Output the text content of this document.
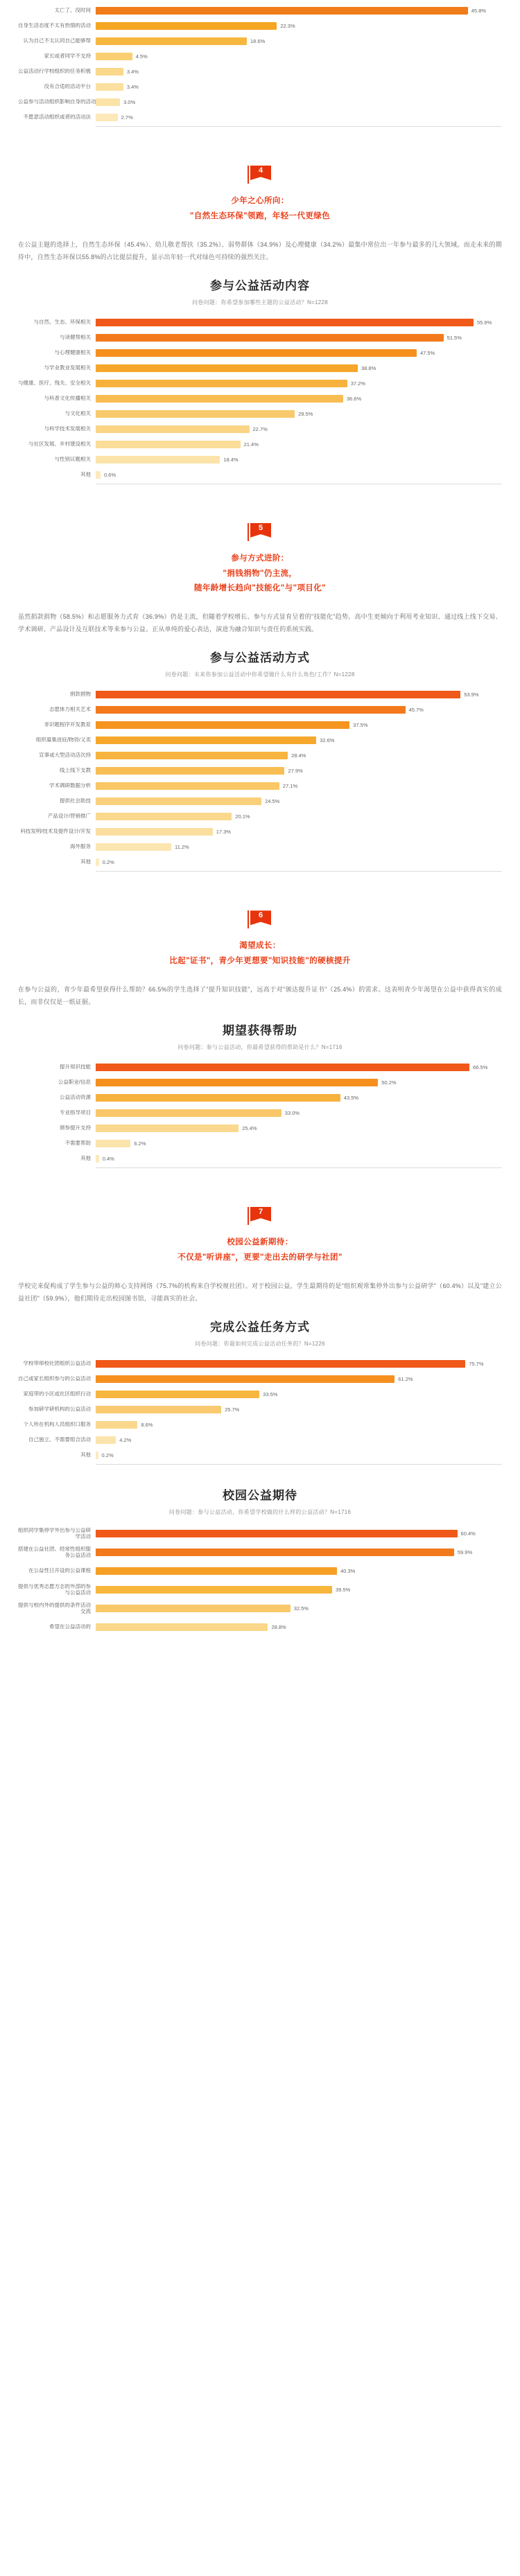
太亡了，没时间	45.8%
自身生活态度不太有热情的活动	22.3%
认为自己不太认同自己能够帮	18.6%
家长或者同学不支持	4.5%
公益活动行学校组织的任务积极	3.4%
没有合适的活动平台	3.4%
公益参与活动组织影响自身的活动	3.0%
不愿意活动组织或者的活动法	2.7%
4
少年之心所向：
"自然生态环保"领跑，年轻一代更绿色
在公益主题的选择上，自然生态环保（45.4%）、幼儿敬老帮扶（35.2%）、弱势群体（34.9%）及心理健康（34.2%）最集中常位出一年参与最多的几大领域。而走未来的期待中，自然生态环保以55.8%的占比提层提升，显示出年轻一代对绿色可持续的强烈关注。
参与公益活动内容
问卷问题：你希望参加哪些主题的公益活动？N=1228
与自然、生态、环保相关	55.9%
与读健帮相关	51.5%
与心理健康相关	47.5%
与学业教业发展相关	38.8%
与健康、医疗、残关、安全相关	37.2%
与科普文化传播相关	36.6%
与文化相关	29.5%
与科学技术发展相关	22.7%
与社区发展、乡村建设相关	21.4%
与性别议题相关	18.4%
其他	0.6%
5
参与方式进阶：
"捐钱捐物"仍主流，
随年龄增长趋向"技能化"与"项目化"
虽然捐款捐物（58.5%）和志愿服务力式育（36.9%）仍是主流，但随着学校增长、参与方式显育呈着的"技能化"趋势。高中生更倾向于利用考业知识、通过线上线下交易、学术调研、产品设计及互联技术等来参与公益。正从单纯的爱心表达，演进为融合知识与责任的系统实践。
参与公益活动方式
问卷问题：未来你参加公益活动中你希望做什么有什么角色/工作？N=1228
捐款捐物	53.9%
志愿体力相关艺术	45.7%
非识题程序开发教育	37.5%
组织募集进庇/物资/义卖	32.6%
宣事或大型活动活次持	28.4%
线上线下支教	27.9%
学术调研数据分析	27.1%
提供社会助技	24.5%
产品设计/营销推广	20.1%
科技发明/技术及提件设计/开发	17.3%
海外服务	11.2%
其他	0.2%
6
渴望成长：
比起"证书"，青少年更想要"知识技能"的硬核提升
在参与公益的，青少年最希望获得什么帮助？66.5%的学生选择了"提升知识技能"，远高于对"颁达提升证书"（25.4%）的需求。这表明青少年渴望在公益中获得真实的成长，而非仅仅是一纸证据。
期望获得帮助
问卷问题：参与公益活动，你最希望获得的帮助是什么？N=1716
提升知识技能	66.5%
公益职业/信息	50.2%
公益活动资源	43.5%
专业指导项目	33.0%
颁参提升支持	25.4%
不需要帮助	6.2%
其他	0.4%
7
校园公益新期待：
不仅是"听讲座"，更要"走出去的研学与社团"
学校完来促构成了学生参与公益的师心支持网络（75.7%的机构来自学校规社团）。对于校园公益，学生最期待的是"组织观常集停外出参与公益研学"（60.4%）以及"建立公益社团"（59.9%），他们期待走出校园图书馆，寻能真实的社会。
完成公益任务方式
问卷问题：你最如何完成公益活动任务的？N=1226
学校带师校社团组织公益活动	75.7%
自己或家长组织参与的公益活动	61.2%
家庭带的小区或社区组织行动	33.5%
参加研学研机构的公益活动	25.7%
个人所在机构人员组织口服务	8.6%
自己独立、不需要组合活动	4.2%
其他	0.2%
校园公益期待
问卷问题：参与公益活动，你希望学校做的什么样的公益活动？N=1716
组织同学集停学外出参与公益研学活动	60.4%
搭建在公益社团、经常性组织服务公益活动	59.9%
在公益性日开设的公益课程	40.3%
提供与优秀志愿方志的外部的参与公益活动	39.5%
提供与校内外的提供的条件活动交流	32.5%
希望在公益活动的	28.8%
